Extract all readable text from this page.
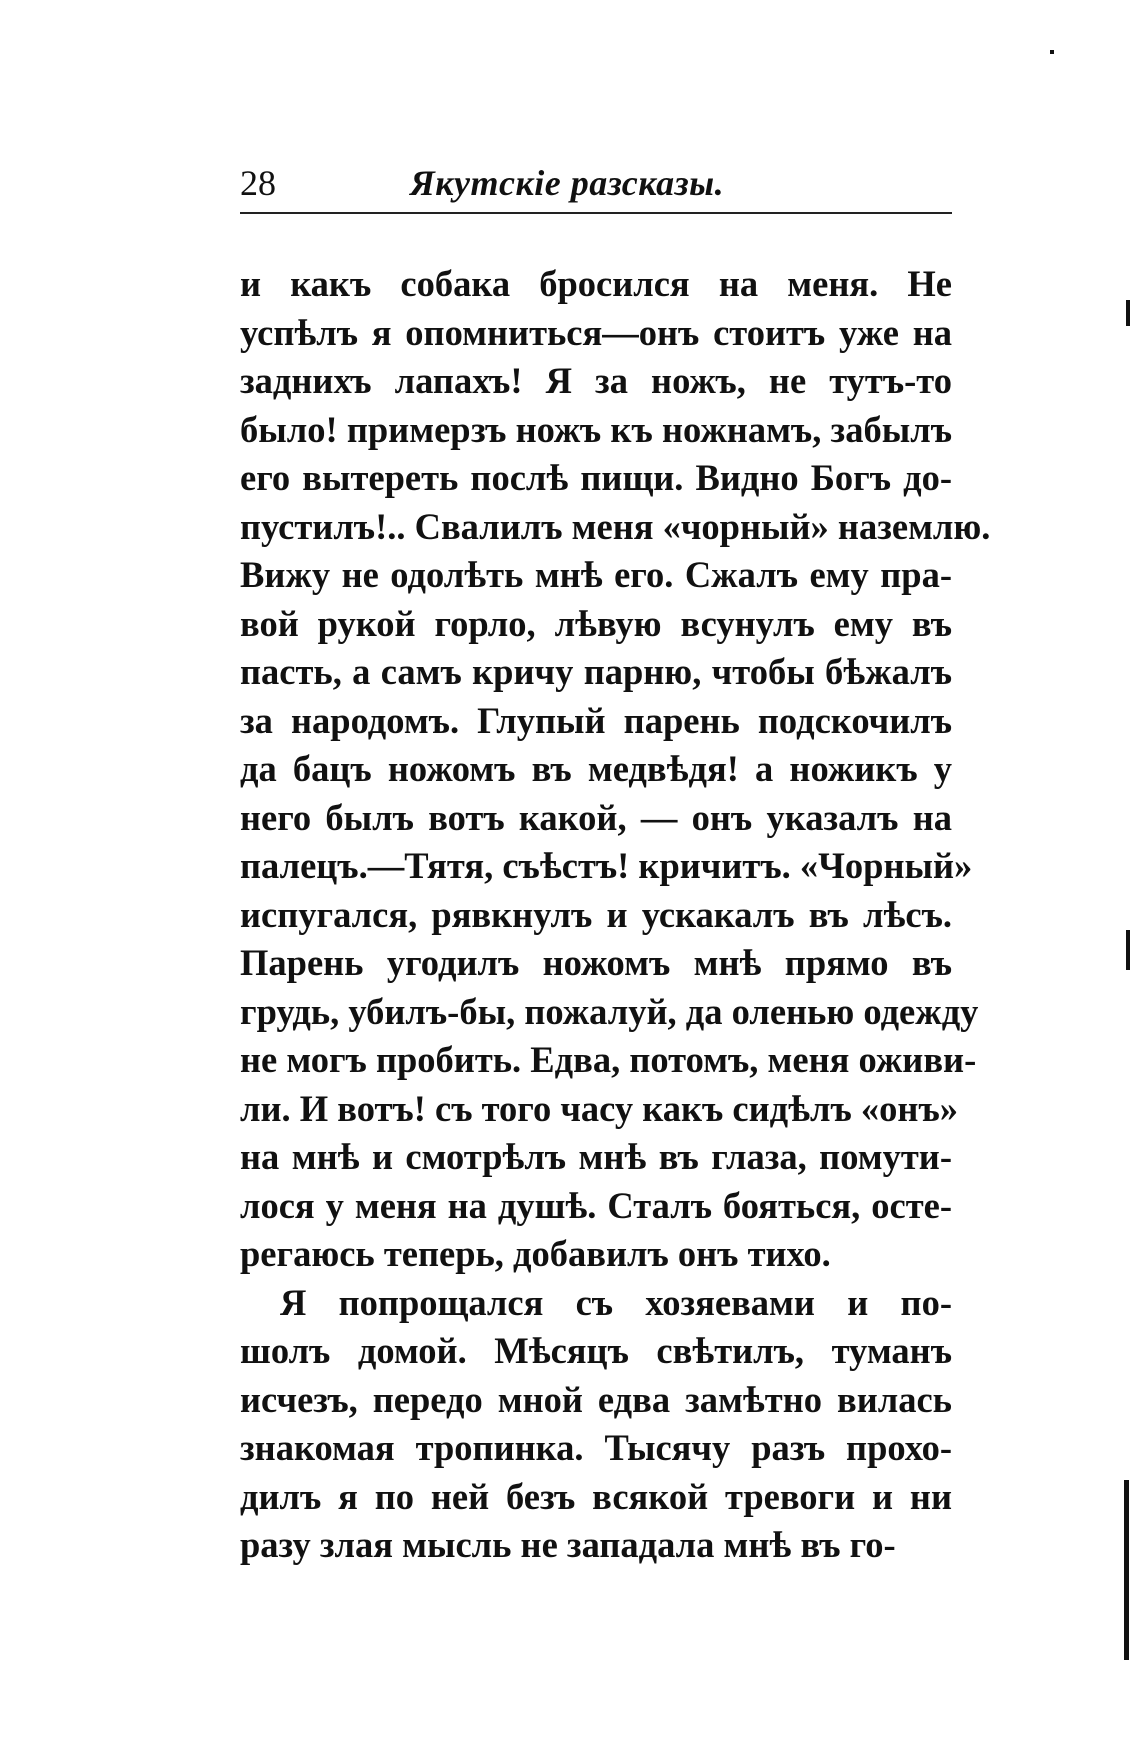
28	Якутскіе разсказы.
и какъ собака бросился на меня. Не
успѣлъ я опомниться—онъ стоитъ уже на
заднихъ лапахъ! Я за ножъ, не тутъ-то
было! примерзъ ножъ къ ножнамъ, забылъ
его вытереть послѣ пищи. Видно Богъ до-
пустилъ!.. Свалилъ меня «чорный» наземлю.
Вижу не одолѣть мнѣ его. Сжалъ ему пра-
вой рукой горло, лѣвую всунулъ ему въ
пасть, а самъ кричу парню, чтобы бѣжалъ
за народомъ. Глупый парень подскочилъ
да бацъ ножомъ въ медвѣдя! а ножикъ у
него былъ вотъ какой, — онъ указалъ на
палецъ.—Тятя, съѣстъ! кричитъ. «Чорный»
испугался, рявкнулъ и ускакалъ въ лѣсъ.
Парень угодилъ ножомъ мнѣ прямо въ
грудь, убилъ-бы, пожалуй, да оленью одежду
не могъ пробить. Едва, потомъ, меня оживи-
ли. И вотъ! съ того часу какъ сидѣлъ «онъ»
на мнѣ и смотрѣлъ мнѣ въ глаза, помути-
лося у меня на душѣ. Сталъ бояться, осте-
регаюсь теперь, добавилъ онъ тихо.
Я попрощался съ хозяевами и по-
шолъ домой. Мѣсяцъ свѣтилъ, туманъ
исчезъ, передо мной едва замѣтно вилась
знакомая тропинка. Тысячу разъ прохо-
дилъ я по ней безъ всякой тревоги и ни
разу злая мысль не западала мнѣ въ го-
